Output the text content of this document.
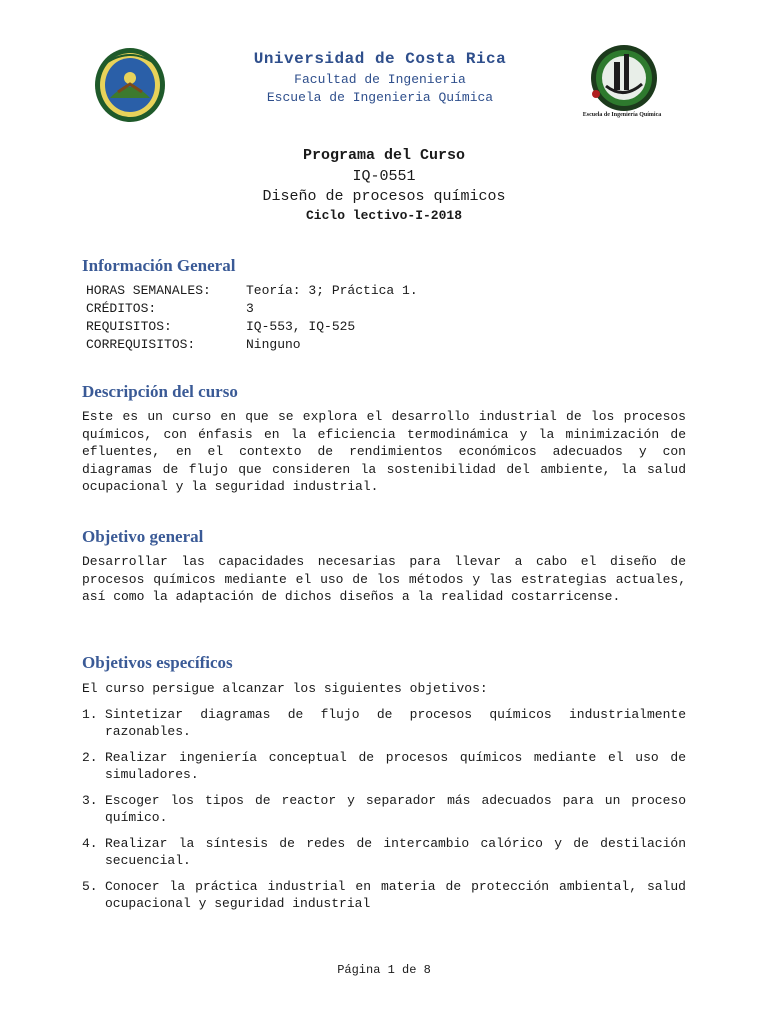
Escuela de Ingeniería Química
Universidad de Costa Rica
Facultad de Ingenieria
Escuela de Ingenieria Química
Programa del Curso
IQ-0551
Diseño de procesos químicos
Ciclo lectivo-I-2018
Información General
HORAS SEMANALES:	Teoría: 3; Práctica 1.
CRÉDITOS:	3
REQUISITOS:	IQ-553, IQ-525
CORREQUISITOS:	Ninguno
Descripción del curso
Este es un curso en que se explora el desarrollo industrial de los procesos químicos, con énfasis en la eficiencia termodinámica y la minimización de efluentes, en el contexto de rendimientos económicos adecuados y con diagramas de flujo que consideren la sostenibilidad del ambiente, la salud ocupacional y la seguridad industrial.
Objetivo general
Desarrollar las capacidades necesarias para llevar a cabo el diseño de procesos químicos mediante el uso de los métodos y las estrategias actuales, así como la adaptación de dichos diseños a la realidad costarricense.
Objetivos específicos
El curso persigue alcanzar los siguientes objetivos:
1. Sintetizar diagramas de flujo de procesos químicos industrialmente razonables.
2. Realizar ingeniería conceptual de procesos químicos mediante el uso de simuladores.
3. Escoger los tipos de reactor y separador más adecuados para un proceso químico.
4. Realizar la síntesis de redes de intercambio calórico y de destilación secuencial.
5. Conocer la práctica industrial en materia de protección ambiental, salud ocupacional y seguridad industrial
Página 1 de 8
